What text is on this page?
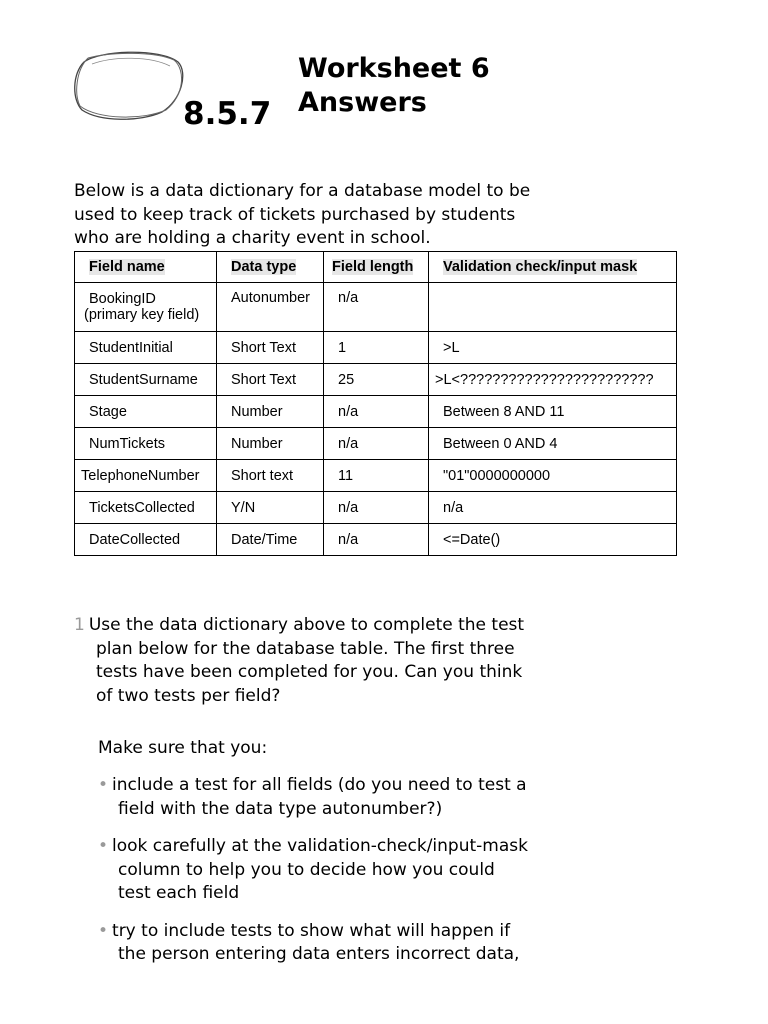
8.5.7
Worksheet 6
Answers
Below is a data dictionary for a database model to be
used to keep track of tickets purchased by students
who are holding a charity event in school.
Field name	Data type	Field length	Validation check/input mask
BookingID
(primary key field)	Autonumber	n/a	
StudentInitial	Short Text	1	>L
StudentSurname	Short Text	25	>L<????????????????????????
Stage	Number	n/a	Between 8 AND 11
NumTickets	Number	n/a	Between 0 AND 4
TelephoneNumber	Short text	11	"01"0000000000
TicketsCollected	Y/N	n/a	n/a
DateCollected	Date/Time	n/a	<=Date()
1 Use the data dictionary above to complete the test
plan below for the database table. The first three
tests have been completed for you. Can you think
of two tests per field?
Make sure that you:
• include a test for all fields (do you need to test a
field with the data type autonumber?)
• look carefully at the validation-check/input-mask
column to help you to decide how you could
test each field
• try to include tests to show what will happen if
the person entering data enters incorrect data,
